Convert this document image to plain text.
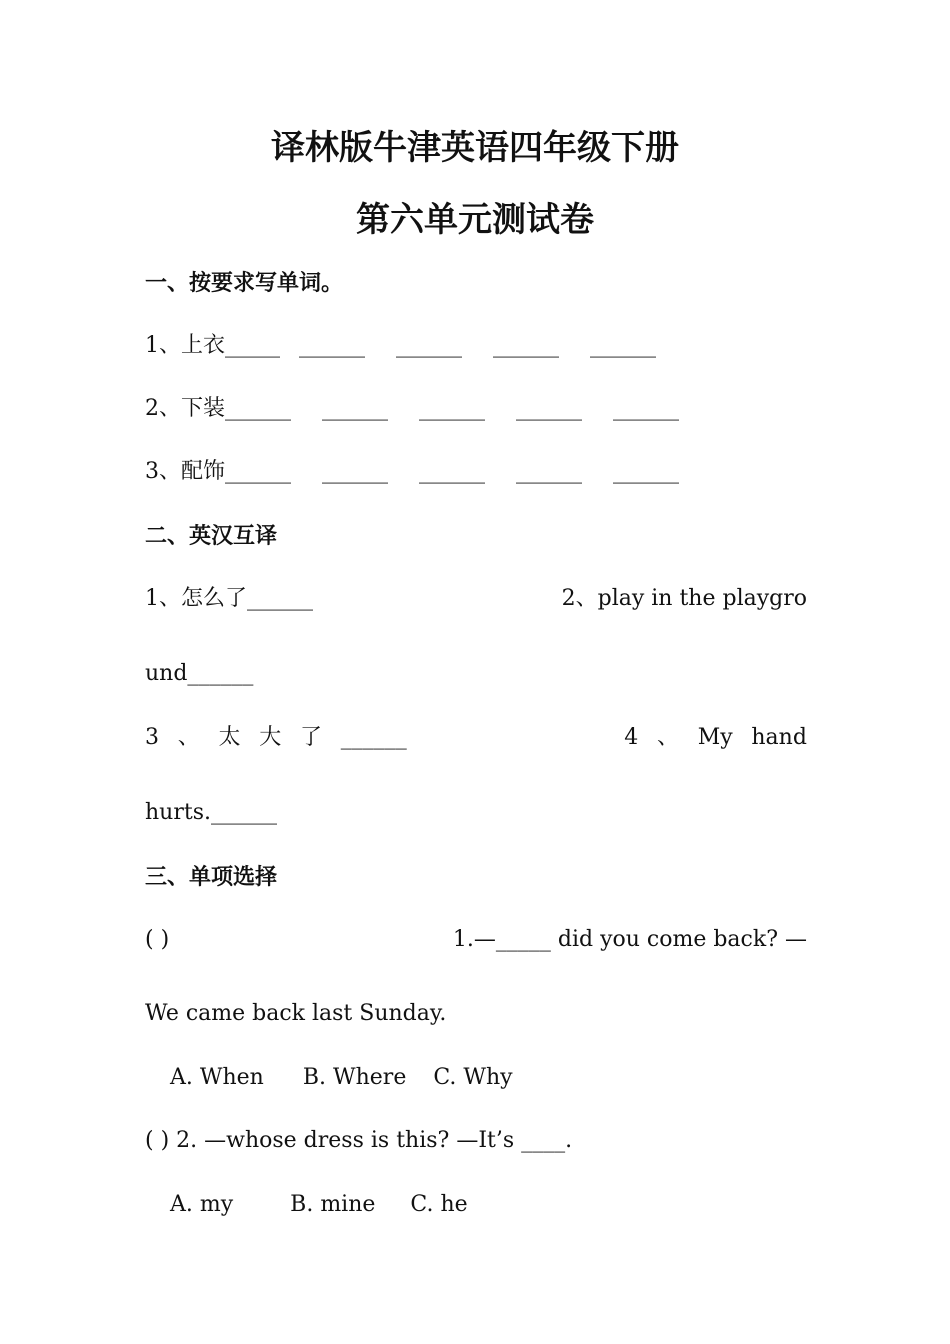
译林版牛津英语四年级下册
第六单元测试卷
一、按要求写单词。
1、上衣_____ ______ ______ ______ ______
2、下装______ ______ ______ ______ ______
3、配饰______ ______ ______ ______ ______
二、英汉互译
1、怎么了______	2、play in the playgro
und______
3 、 太 大 了 ______	4 、 My hand
hurts.______
三、单项选择
( )	1.—_____ did you come back? —
We came back last Sunday.
A. When B. Where C. Why
( ) 2. —whose dress is this? —It’s ____.
A. my	B. mine C. he
